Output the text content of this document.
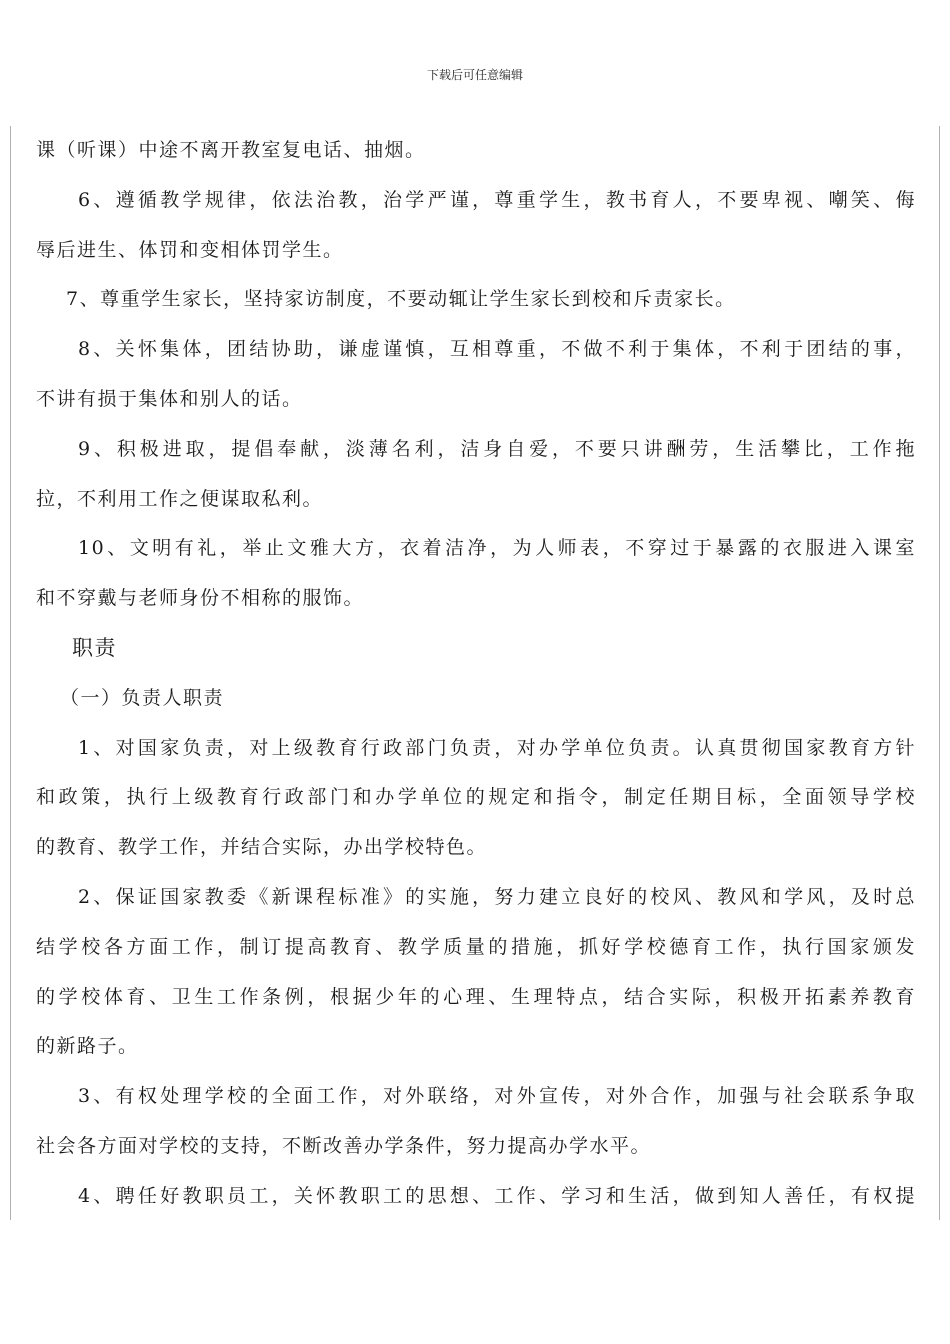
下载后可任意编辑
课（听课）中途不离开教室复电话、抽烟。
6、遵循教学规律，依法治教，治学严谨，尊重学生，教书育人，不要卑视、嘲笑、侮
辱后进生、体罚和变相体罚学生。
7、尊重学生家长，坚持家访制度，不要动辄让学生家长到校和斥责家长。
8、关怀集体，团结协助，谦虚谨慎，互相尊重，不做不利于集体，不利于团结的事，
不讲有损于集体和别人的话。
9、积极进取，提倡奉献，淡薄名利，洁身自爱，不要只讲酬劳，生活攀比，工作拖
拉，不利用工作之便谋取私利。
10、文明有礼，举止文雅大方，衣着洁净，为人师表，不穿过于暴露的衣服进入课室
和不穿戴与老师身份不相称的服饰。
职责
（一）负责人职责
1、对国家负责，对上级教育行政部门负责，对办学单位负责。认真贯彻国家教育方针
和政策，执行上级教育行政部门和办学单位的规定和指令，制定任期目标，全面领导学校
的教育、教学工作，并结合实际，办出学校特色。
2、保证国家教委《新课程标准》的实施，努力建立良好的校风、教风和学风，及时总
结学校各方面工作，制订提高教育、教学质量的措施，抓好学校德育工作，执行国家颁发
的学校体育、卫生工作条例，根据少年的心理、生理特点，结合实际，积极开拓素养教育
的新路子。
3、有权处理学校的全面工作，对外联络，对外宣传，对外合作，加强与社会联系争取
社会各方面对学校的支持，不断改善办学条件，努力提高办学水平。
4、聘任好教职员工，关怀教职工的思想、工作、学习和生活，做到知人善任，有权提
